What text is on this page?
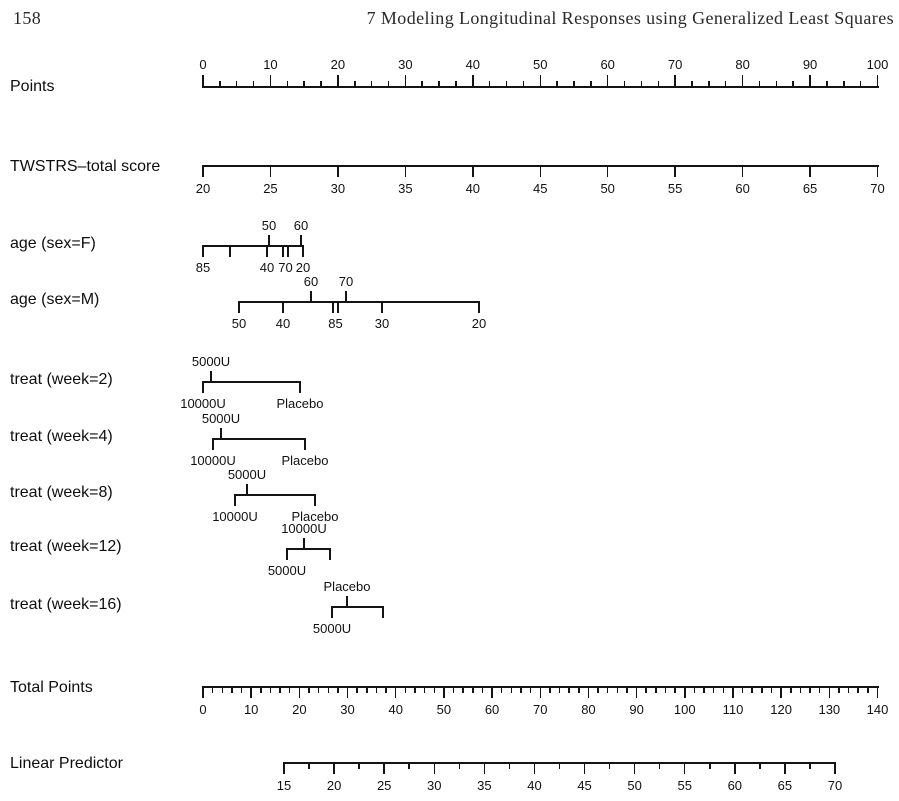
158	7 Modeling Longitudinal Responses using Generalized Least Squares
0	10	20	30	40	50	60	70	80	90	100
20	25	30	35	40	45	50	55	60	65	70
50 60
85	40 70 20
60 70
50 40	85 30	20
5000U
10000U	Placebo
5000U
10000U	Placebo
5000U
10000U	Placebo
10000U
5000U
Placebo
5000U
0	10	20	30	40	50	60	70	80	90 100 110 120 130 140
15	20	25	30	35	40	45	50	55	60	65	70
Points
TWSTRS–total score
age (sex=F)
age (sex=M)
treat (week=2)
treat (week=4)
treat (week=8)
treat (week=12)
treat (week=16)
Total Points
Linear Predictor
